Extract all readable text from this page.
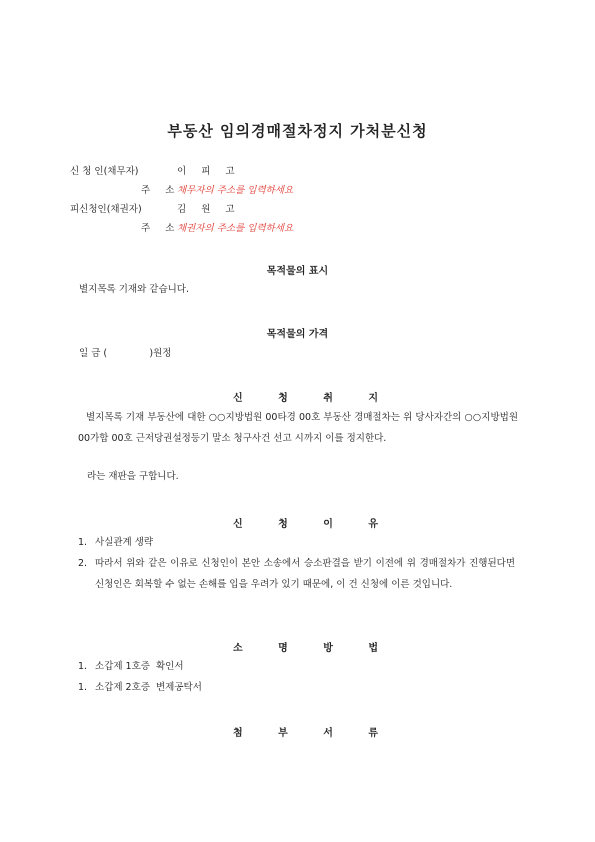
부동산 임의경매절차정지 가처분신청
신 청 인(채무자)	이 피 고
주 소
채무자의 주소를 입력하세요
피신청인(채권자)	김 원 고
주 소
채권자의 주소를 입력하세요
목적물의 표시
별지목록 기재와 같습니다.
목적물의 가격
일 금 (              )원정
신 청 취 지
별지목록 기재 부동산에 대한 ○○지방법원 00타경 00호 부동산 경매절차는 위 당사자간의 ○○지방법원 00가합 00호 근저당권설정등기 말소 청구사건 선고 시까지 이를 정지한다.
라는 재판을 구합니다.
신 청 이 유
1. 사실관계 생략
2. 따라서 위와 같은 이유로 신청인이 본안 소송에서 승소판결을 받기 이전에 위 경매절차가 진행된다면 신청인은 회복할 수 없는 손해를 입을 우려가 있기 때문에, 이 건 신청에 이른 것입니다.
소 명 방 법
1. 소갑제 1호증  확인서
1. 소갑제 2호증  변제공탁서
첨 부 서 류
